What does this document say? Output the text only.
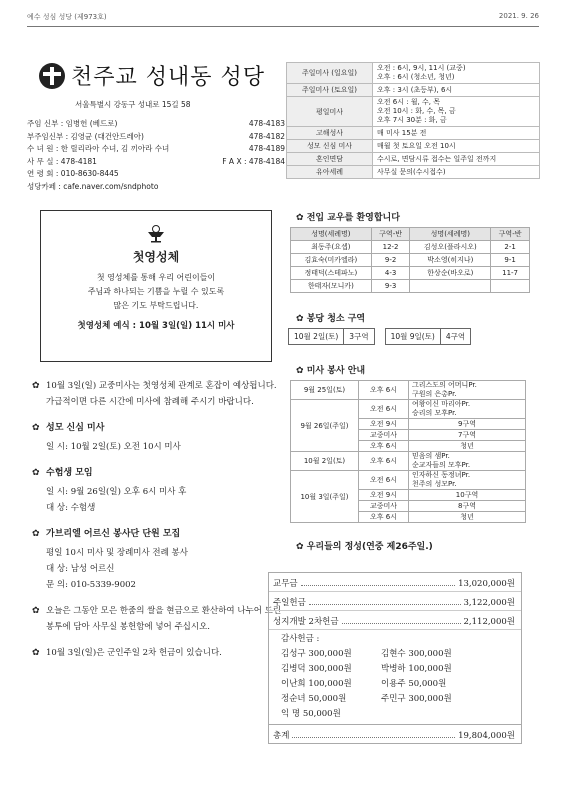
예수 성심 성당 (제973호)	2021. 9. 26
천주교 성내동 성당
서울특별시 강동구 성내로 15길 58
주임 신부 : 임병헌 (베드로)	478-4183
부주임신부 : 김영균 (대건안드레아)	478-4182
수 녀 원 : 한 릴리라아 수녀, 김 끼아라 수녀	478-4189
사 무 실 : 478-4181	F A X : 478-4184
연 령 회 : 010-8630-8445
성당카페 : cafe.naver.com/sndphoto
주일미사 (일요일)	오전 : 6시, 9시, 11시 (교중)
오후 : 6시 (청소년, 청년)
주일미사 (토요일)	오후 : 3시 (초등부), 6시
평일미사	오전 6시 : 월, 수, 목
오전 10시 : 화, 수, 목, 금
오후 7시 30분 : 화, 금
고해성사	매 미사 15분 전
성모 신심 미사	매월 첫 토요일 오전 10시
혼인면담	수시로, 면담시류 접수는 일주일 전까지
유아세례	사무실 문의(수시접수)
첫영성체

첫 영성체를 통해 우리 어린이들이

주님과 하나되는 기쁨을 누릴 수 있도록

많은 기도 부탁드립니다.

첫영성체 예식 : 10월 3일(일) 11시 미사

✿ 10월 3일(일) 교중미사는 첫영성체 관계로 혼잡이 예상됩니다. 가급적이면 다른 시간에 미사에 참례해 주시기 바랍니다.
✿ 성모 신심 미사
일 시: 10월 2일(토) 오전 10시 미사
✿ 수험생 모임
일 시: 9월 26일(일) 오후 6시 미사 후
대 상: 수험생
✿ 가브리엘 어르신 봉사단 단원 모집
평일 10시 미사 및 장례미사 전례 봉사
대 상: 남성 어르신
문 의: 010-5339-9002
✿ 오늘은 그동안 모은 한줌의 쌀을 현금으로 환산하여 나누어 드린 봉투에 담아 사무실 봉헌함에 넣어 주십시오.
✿ 10월 3일(일)은 군인주일 2차 헌금이 있습니다.
✿ 전입 교우를 환영합니다
성명(세례명)	구역-반	성명(세례명)	구역-반
최동주(요셉)	12-2	김성오(플라시오)	2-1
김효숙(미카엘라)	9-2	박소영(히지나)	9-1
정태덕(스테파노)	4-3	한상순(바오로)	11-7
한태자(모니카)	9-3		
✿ 봉당 청소 구역
10월 2일(토)	3구역		10월 9일(토)	4구역
✿ 미사 봉사 안내
9월 25일(토)	오후 6시	그리스도의 어머니Pr.
구원의 은총Pr.
9월 26일(주일)	오전 6시	여왕이신 마리아Pr.
승리의 모후Pr.
	오전 9시	9구역
	교중미사	7구역
	오후 6시	청년
10월 2일(토)	오후 6시	믿음의 샘Pr.
순교자들의 모후Pr.
10월 3일(주일)	오전 6시	인자하신 동정녀Pr.
천주의 성모Pr.
	오전 9시	10구역
	교중미사	8구역
	오후 6시	청년
✿ 우리들의 정성(연중 제26주일.)
교무금	13,020,000원
주일헌금	3,122,000원
성지개발 2차헌금	2,112,000원
감사헌금 :
김성구 300,000원	김현수 300,000원
김병덕 300,000원	박병하 100,000원
이난희 100,000원	이용주 50,000원
정순녀 50,000원	주민구 300,000원
익 명 50,000원
총계	19,804,000원
